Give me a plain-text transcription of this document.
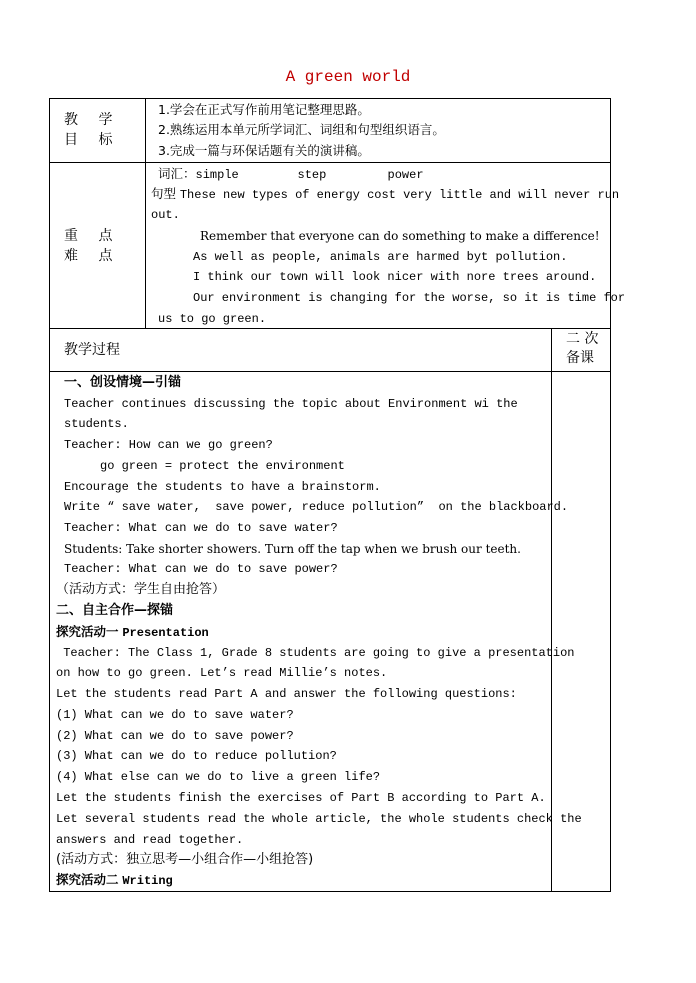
A green world
教 学
目 标
1.学会在正式写作前用笔记整理思路。
2.熟练运用本单元所学词汇、词组和句型组织语言。
3.完成一篇与环保话题有关的演讲稿。
重 点
难 点
词汇：simple	step	power
句型 These new types of energy cost very little and will never run
out.
Remember that everyone can do something to make a difference!
As well as people, animals are harmed byt pollution.
I think our town will look nicer with nore trees around.
Our environment is changing for the worse, so it is time for
us to go green.
教学过程
二 次
备课
一、创设情境—引锚
Teacher continues discussing the topic about Environment wi the
students.
Teacher: How can we go green?
go green = protect the environment
Encourage the students to have a brainstorm.
Write “ save water,  save power, reduce pollution”  on the blackboard.
Teacher: What can we do to save water?
Students: Take shorter showers. Turn off the tap when we brush our teeth.
Teacher: What can we do to save power?
（活动方式：学生自由抢答）
二、自主合作—探锚
探究活动一 Presentation
Teacher: The Class 1, Grade 8 students are going to give a presentation
on how to go green. Let’s read Millie’s notes.
Let the students read Part A and answer the following questions:
(1) What can we do to save water?
(2) What can we do to save power?
(3) What can we do to reduce pollution?
(4) What else can we do to live a green life?
Let the students finish the exercises of Part B according to Part A.
Let several students read the whole article, the whole students check the
answers and read together.
(活动方式：独立思考—小组合作—小组抢答)
探究活动二 Writing
